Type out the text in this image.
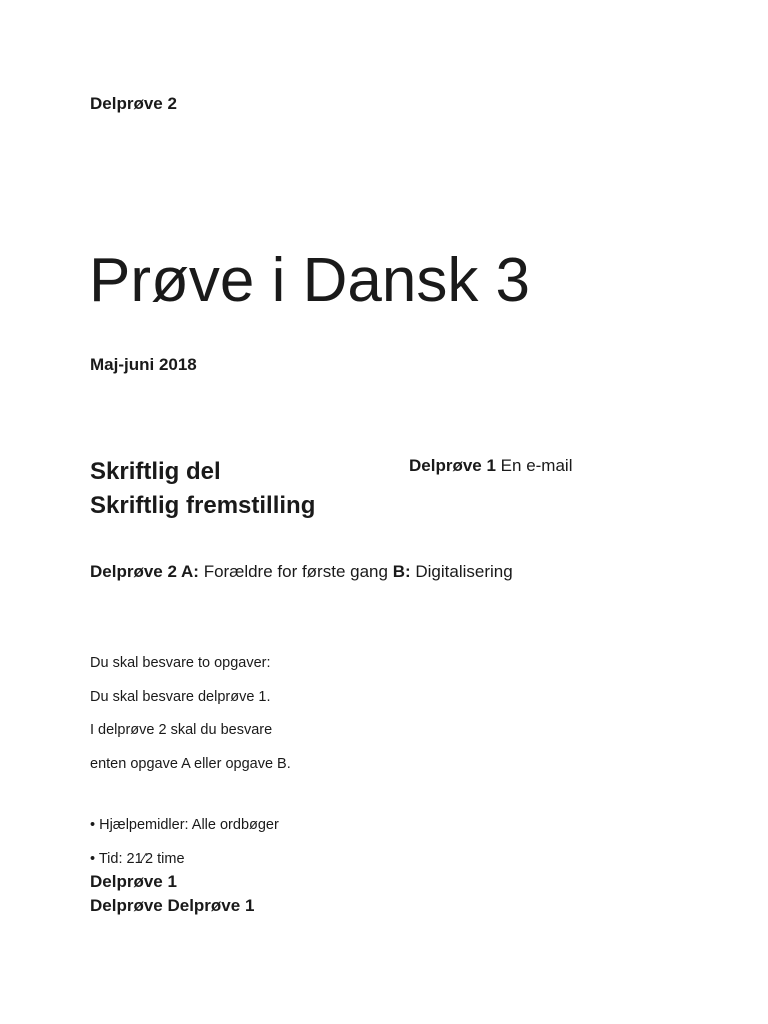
Delprøve 2
Prøve i Dansk 3
Maj-juni 2018
Skriftlig del
Skriftlig fremstilling
Delprøve 1 En e-mail
Delprøve 2 A: Forældre for første gang B: Digitalisering
Du skal besvare to opgaver:
Du skal besvare delprøve 1.
I delprøve 2 skal du besvare
enten opgave A eller opgave B.
• Hjælpemidler: Alle ordbøger
• Tid: 21⁄2 time
Delprøve 1
Delprøve Delprøve 1
